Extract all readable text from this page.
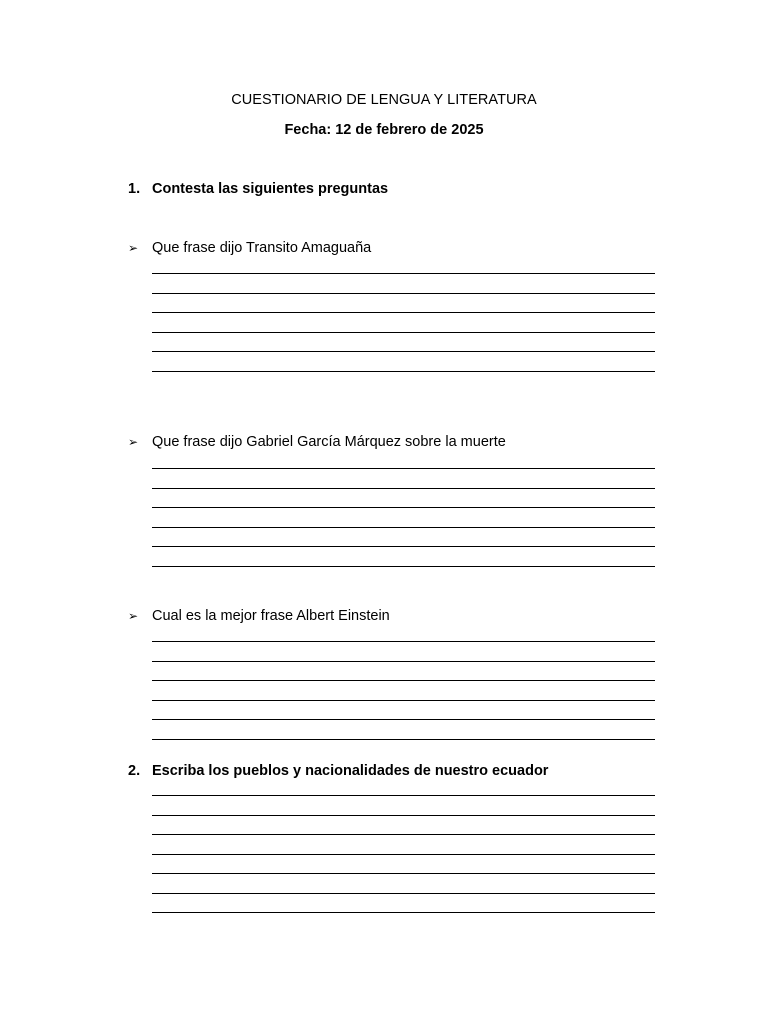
CUESTIONARIO DE LENGUA Y LITERATURA
Fecha: 12 de febrero de 2025
1. Contesta las siguientes preguntas
➢ Que frase dijo Transito Amaguaña
➢ Que frase dijo Gabriel García Márquez sobre la muerte
➢ Cual es la mejor frase Albert Einstein
2. Escriba los pueblos y nacionalidades de nuestro ecuador
